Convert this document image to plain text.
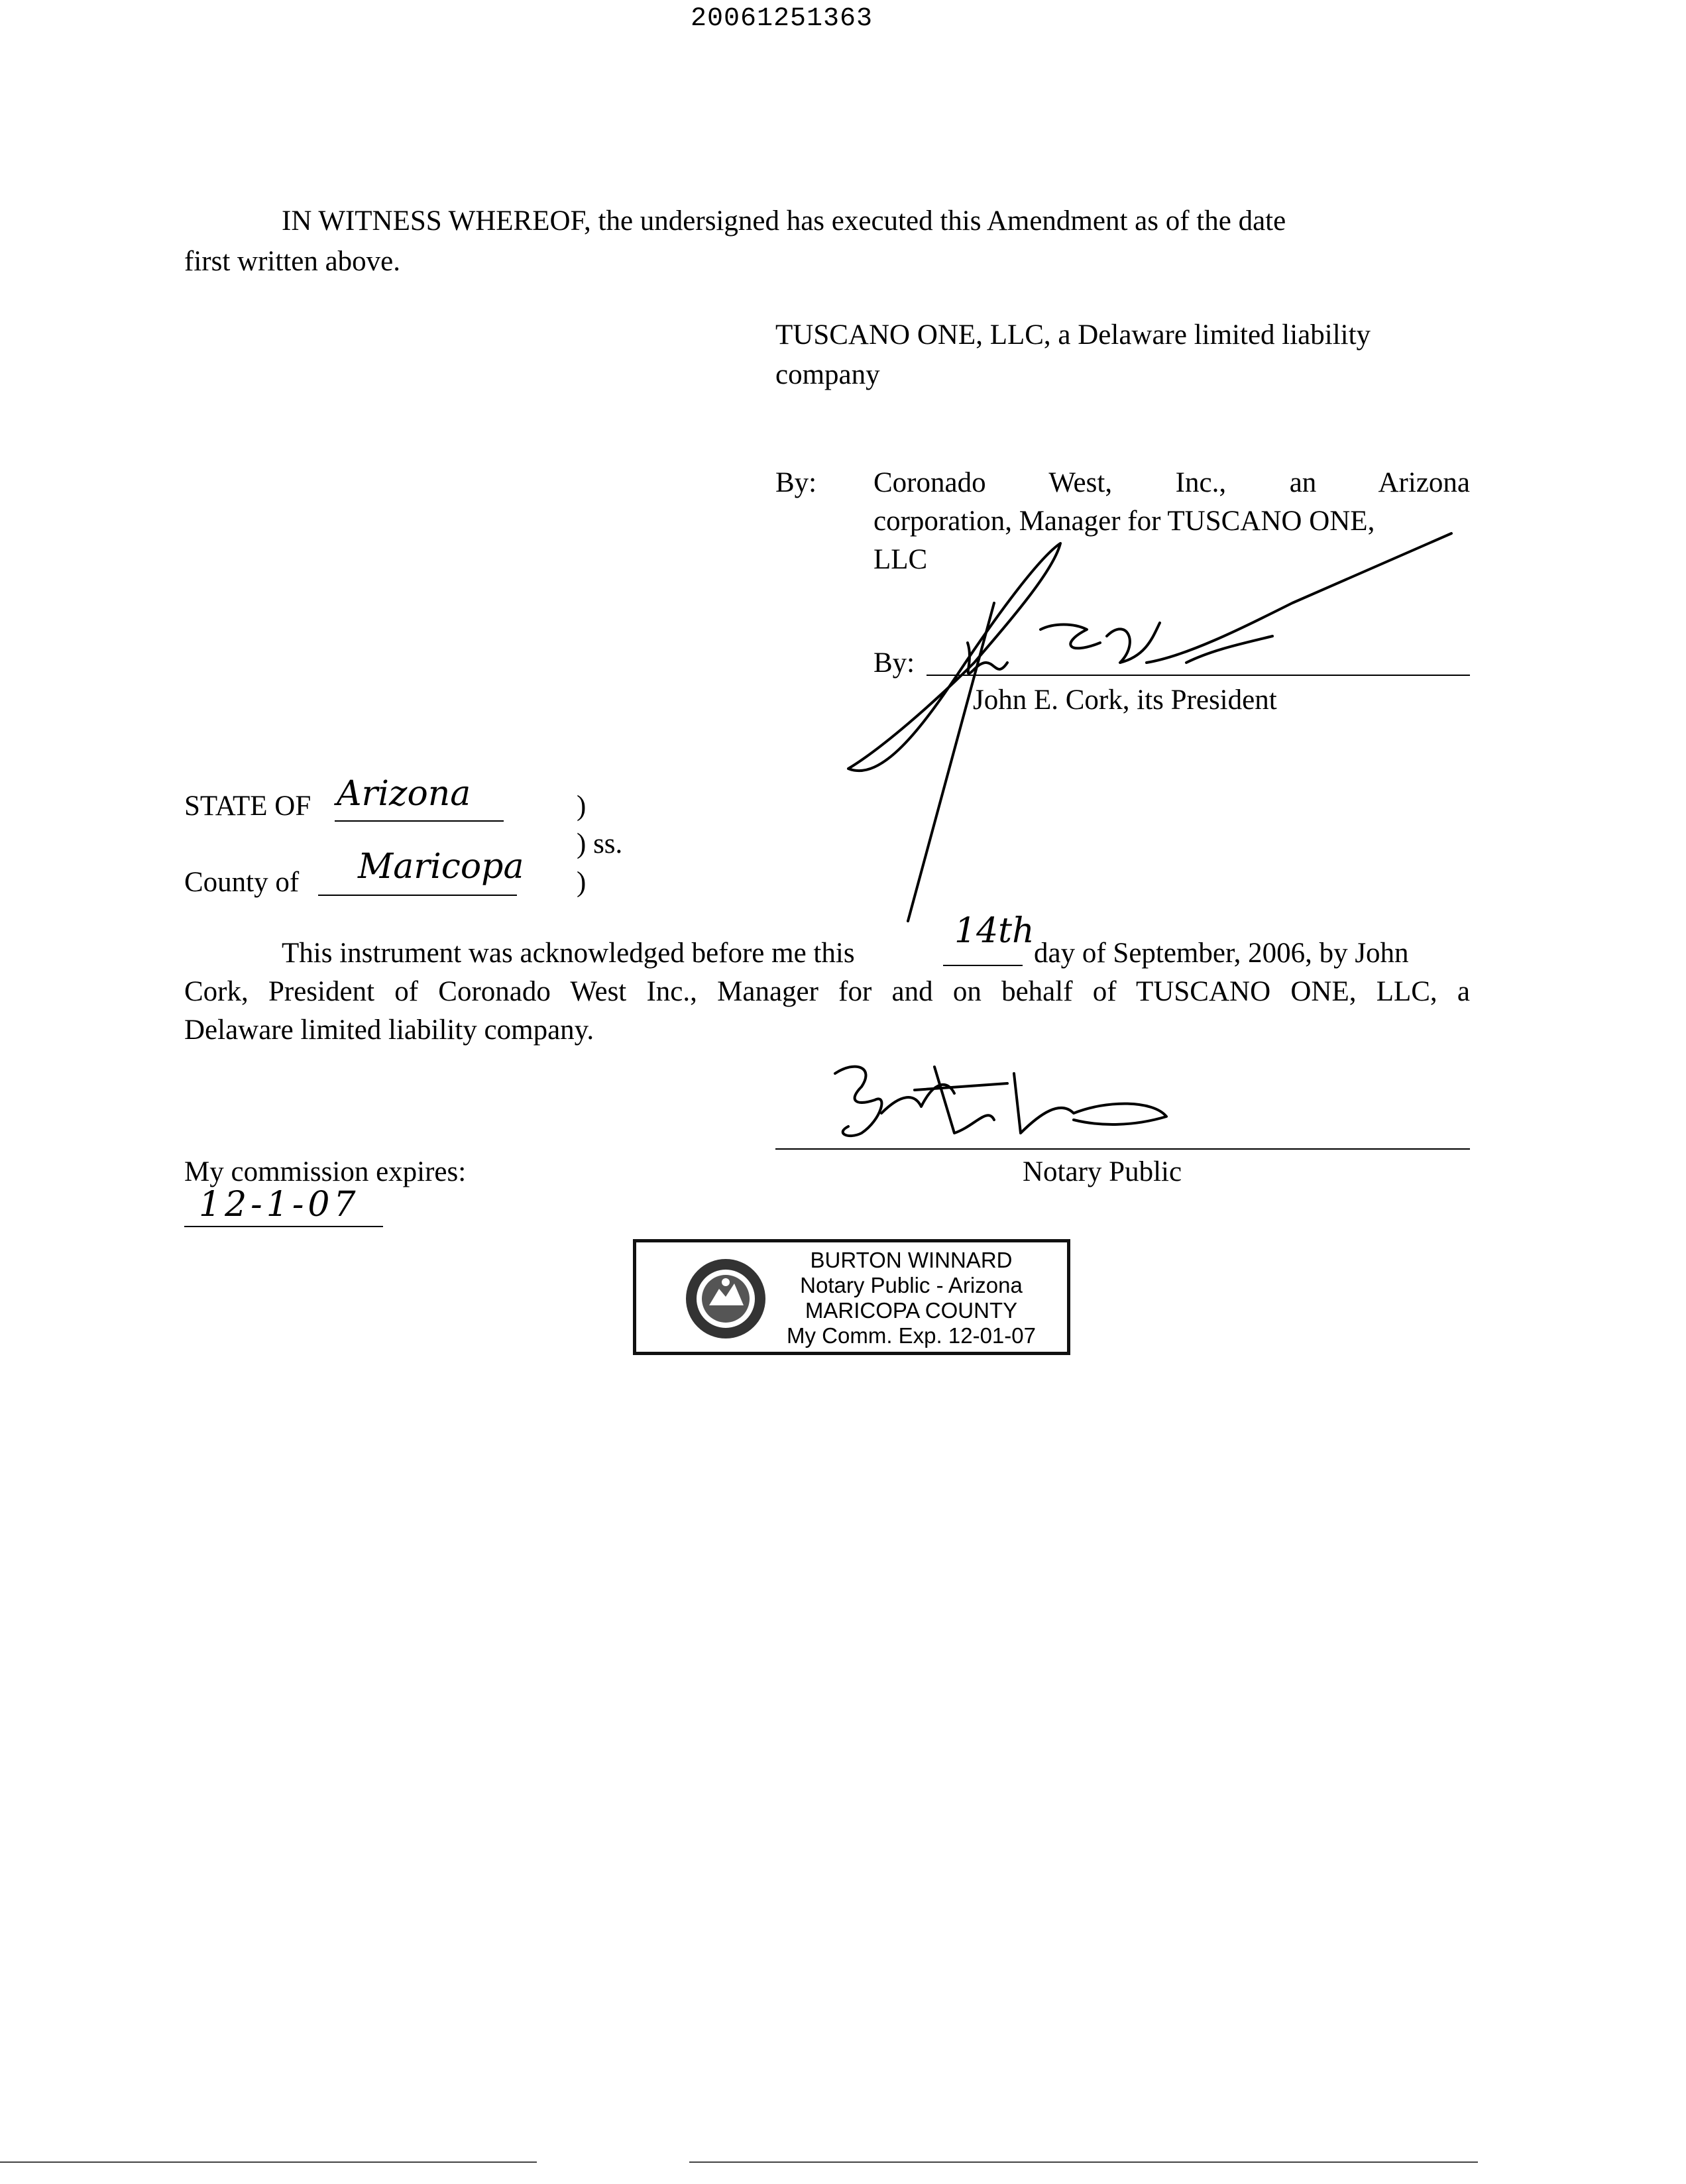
20061251363
IN WITNESS WHEREOF, the undersigned has executed this Amendment as of the date
first written above.
TUSCANO ONE, LLC, a Delaware limited liability
company
By: Coronado West, Inc., an Arizona
corporation, Manager for TUSCANO ONE,
LLC
By:
John E. Cork, its President
STATE OF Arizona	)
) ss.
County of Maricopa )
This instrument was acknowledged before me this
14th
day of September, 2006, by John
Cork, President of Coronado West Inc., Manager for and on behalf of TUSCANO ONE, LLC, a
Delaware limited liability company.
Notary Public
My commission expires:
12-1-07
BURTON WINNARD
Notary Public - Arizona
MARICOPA COUNTY
My Comm. Exp. 12-01-07
